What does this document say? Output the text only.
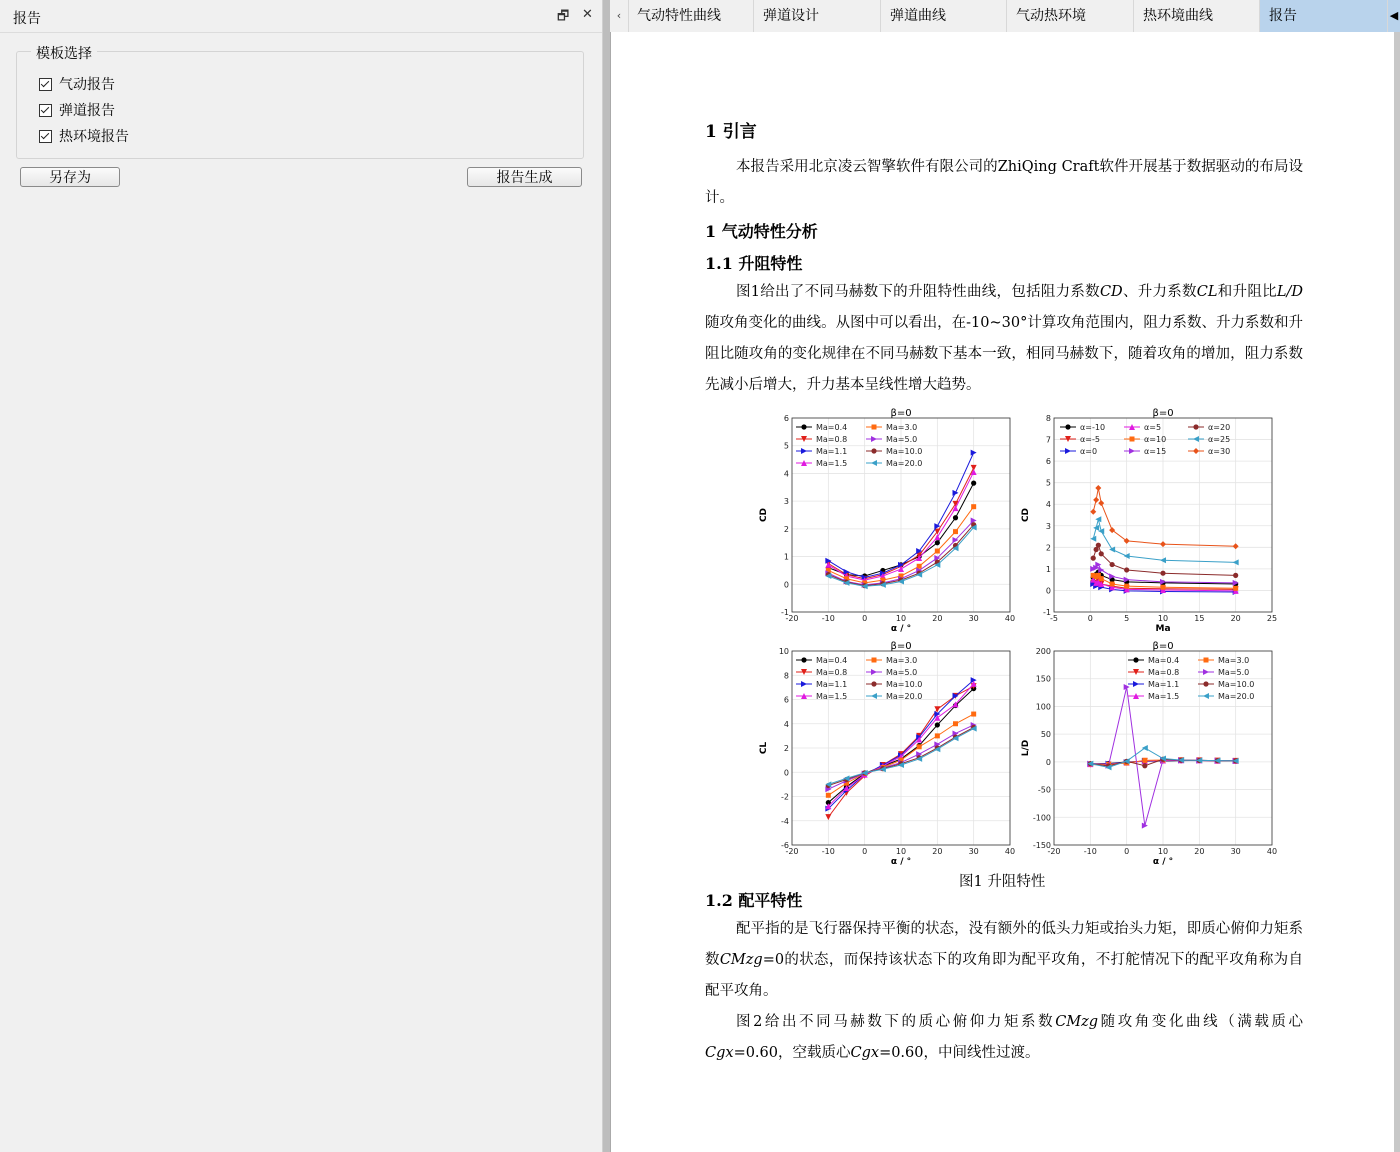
报告	🗗 ✕
模板选择
气动报告
弹道报告
热环境报告
另存为	报告生成
‹	气动特性曲线	弹道设计	弹道曲线	气动热环境	热环境曲线	报告	◀
1 引言

本报告采用北京凌云智擎软件有限公司的ZhiQing Craft软件开展基于数据驱动的布局设计。

1 气动特性分析
1.1 升阻特性

图1给出了不同马赫数下的升阻特性曲线，包括阻力系数CD、升力系数CL和升阻比L/D随攻角变化的曲线。从图中可以看出，在-10~30°计算攻角范围内，阻力系数、升力系数和升阻比随攻角的变化规律在不同马赫数下基本一致，相同马赫数下，随着攻角的增加，阻力系数先减小后增大，升力基本呈线性增大趋势。

-20	-10	0	10	20	30	40
-1
0
1
2
3
4
5
6	β=0
α / °
CD
Ma=0.4
Ma=0.8
Ma=1.1
Ma=1.5
Ma=3.0
Ma=5.0
Ma=10.0
Ma=20.0
-5	0	5	10	15	20	25
-1
0
1
2
3
4
5
6
7
8	β=0
Ma
CD
α=-10
α=-5
α=0
α=5
α=10
α=15
α=20
α=25
α=30
-20	-10	0	10	20	30	40
-6
-4
-2
0
2
4
6
8
10	β=0
α / °
CL
Ma=0.4
Ma=0.8
Ma=1.1
Ma=1.5
Ma=3.0
Ma=5.0
Ma=10.0
Ma=20.0
-20	-10	0	10	20	30	40
-150
-100
-50
0
50
100
150
200	β=0
α / °
L/D
Ma=0.4
Ma=0.8
Ma=1.1
Ma=1.5
Ma=3.0
Ma=5.0
Ma=10.0
Ma=20.0
图1 升阻特性
1.2 配平特性

配平指的是飞行器保持平衡的状态，没有额外的低头力矩或抬头力矩，即质心俯仰力矩系数CMzg=0的状态，而保持该状态下的攻角即为配平攻角，不打舵情况下的配平攻角称为自配平攻角。

图2给出不同马赫数下的质心俯仰力矩系数CMzg随攻角变化曲线（满载质心Cgx=0.60，空载质心Cgx=0.60，中间线性过渡。
